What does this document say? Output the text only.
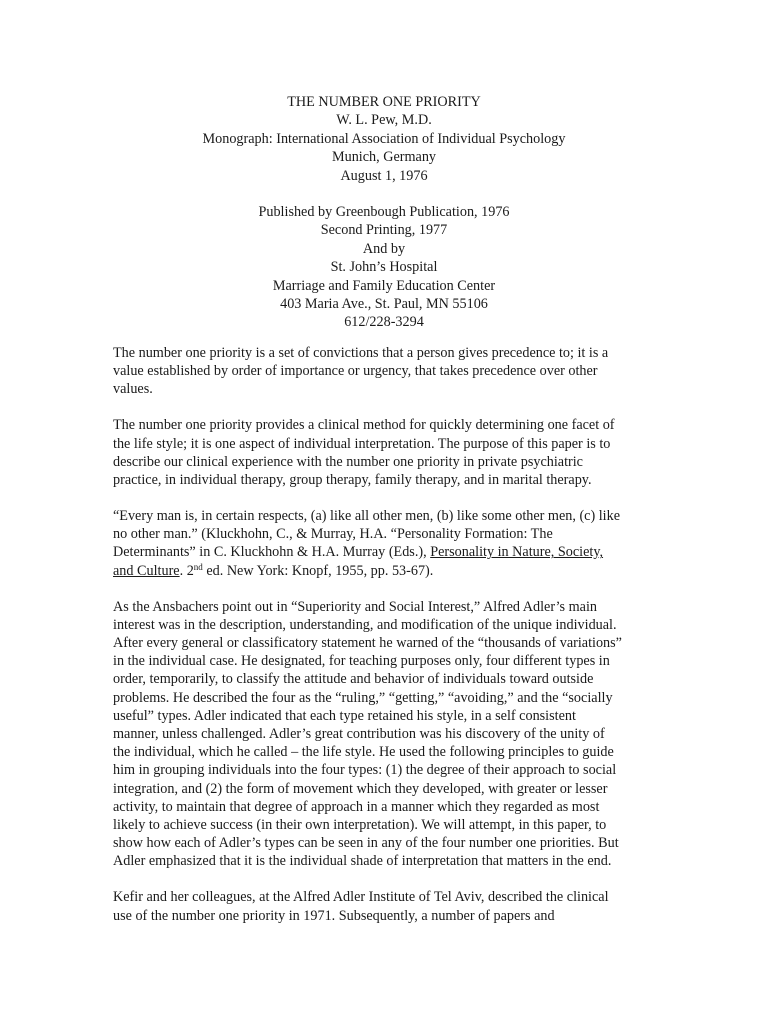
THE NUMBER ONE PRIORITY
W. L. Pew, M.D.
Monograph: International Association of Individual Psychology
Munich, Germany
August 1, 1976
Published by Greenbough Publication, 1976
Second Printing, 1977
And by
St. John’s Hospital
Marriage and Family Education Center
403 Maria Ave., St. Paul, MN 55106
612/228-3294

The number one priority is a set of convictions that a person gives precedence to; it is a
value established by order of importance or urgency, that takes precedence over other
values.

The number one priority provides a clinical method for quickly determining one facet of
the life style; it is one aspect of individual interpretation. The purpose of this paper is to
describe our clinical experience with the number one priority in private psychiatric
practice, in individual therapy, group therapy, family therapy, and in marital therapy.

“Every man is, in certain respects, (a) like all other men, (b) like some other men, (c) like
no other man.” (Kluckhohn, C., & Murray, H.A. “Personality Formation: The
Determinants” in C. Kluckhohn & H.A. Murray (Eds.), Personality in Nature, Society,
and Culture. 2nd ed. New York: Knopf, 1955, pp. 53-67).

As the Ansbachers point out in “Superiority and Social Interest,” Alfred Adler’s main
interest was in the description, understanding, and modification of the unique individual.
After every general or classificatory statement he warned of the “thousands of variations”
in the individual case. He designated, for teaching purposes only, four different types in
order, temporarily, to classify the attitude and behavior of individuals toward outside
problems. He described the four as the “ruling,” “getting,” “avoiding,” and the “socially
useful” types. Adler indicated that each type retained his style, in a self consistent
manner, unless challenged. Adler’s great contribution was his discovery of the unity of
the individual, which he called – the life style. He used the following principles to guide
him in grouping individuals into the four types: (1) the degree of their approach to social
integration, and (2) the form of movement which they developed, with greater or lesser
activity, to maintain that degree of approach in a manner which they regarded as most
likely to achieve success (in their own interpretation). We will attempt, in this paper, to
show how each of Adler’s types can be seen in any of the four number one priorities. But
Adler emphasized that it is the individual shade of interpretation that matters in the end.

Kefir and her colleagues, at the Alfred Adler Institute of Tel Aviv, described the clinical
use of the number one priority in 1971. Subsequently, a number of papers and
